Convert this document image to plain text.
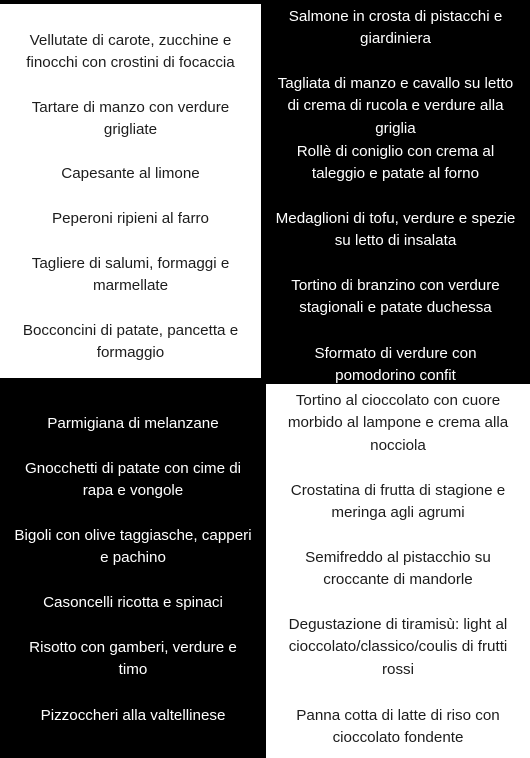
Vellutate di carote, zucchine e finocchi con crostini di focaccia
Tartare di manzo con verdure grigliate
Capesante al limone
Peperoni ripieni al farro
Tagliere di salumi, formaggi e marmellate
Bocconcini di patate, pancetta e formaggio
Salmone in crosta di pistacchi e giardiniera
Tagliata di manzo e cavallo su letto di crema di rucola e verdure alla griglia
Rollè di coniglio con crema al taleggio e patate al forno
Medaglioni di tofu, verdure e spezie su letto di insalata
Tortino di branzino con verdure stagionali e patate duchessa
Sformato di verdure con pomodorino confit
Parmigiana di melanzane
Gnocchetti di patate con cime di rapa e vongole
Bigoli con olive taggiasche, capperi e pachino
Casoncelli ricotta e spinaci
Risotto con gamberi, verdure e timo
Pizzoccheri alla valtellinese
Tortino al cioccolato con cuore morbido al lampone e crema alla nocciola
Crostatina di frutta di stagione e meringa agli agrumi
Semifreddo al pistacchio su croccante di mandorle
Degustazione di tiramisù: light al cioccolato/classico/coulis di frutti rossi
Panna cotta di latte di riso con cioccolato fondente
